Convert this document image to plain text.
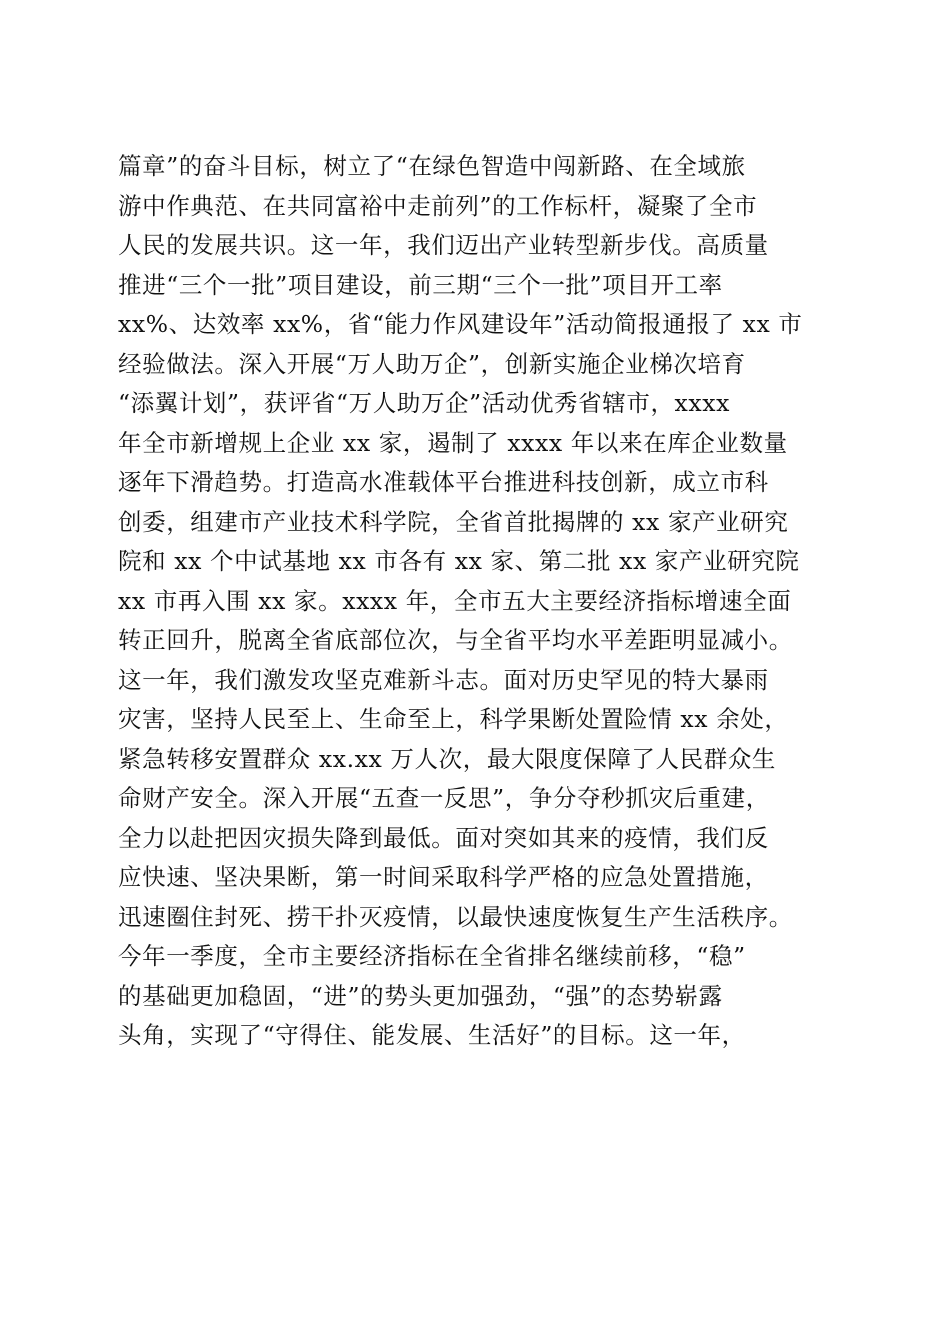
篇章”的奋斗目标，树立了“在绿色智造中闯新路、在全域旅
游中作典范、在共同富裕中走前列”的工作标杆，凝聚了全市
人民的发展共识。这一年，我们迈出产业转型新步伐。高质量
推进“三个一批”项目建设，前三期“三个一批”项目开工率
xx%、达效率 xx%，省“能力作风建设年”活动简报通报了 xx 市
经验做法。深入开展“万人助万企”，创新实施企业梯次培育
“添翼计划”，获评省“万人助万企”活动优秀省辖市，xxxx
年全市新增规上企业 xx 家，遏制了 xxxx 年以来在库企业数量
逐年下滑趋势。打造高水准载体平台推进科技创新，成立市科
创委，组建市产业技术科学院，全省首批揭牌的 xx 家产业研究
院和 xx 个中试基地 xx 市各有 xx 家、第二批 xx 家产业研究院
xx 市再入围 xx 家。xxxx 年，全市五大主要经济指标增速全面
转正回升，脱离全省底部位次，与全省平均水平差距明显减小。
这一年，我们激发攻坚克难新斗志。面对历史罕见的特大暴雨
灾害，坚持人民至上、生命至上，科学果断处置险情 xx 余处，
紧急转移安置群众 xx.xx 万人次，最大限度保障了人民群众生
命财产安全。深入开展“五查一反思”，争分夺秒抓灾后重建，
全力以赴把因灾损失降到最低。面对突如其来的疫情，我们反
应快速、坚决果断，第一时间采取科学严格的应急处置措施，
迅速圈住封死、捞干扑灭疫情，以最快速度恢复生产生活秩序。
今年一季度，全市主要经济指标在全省排名继续前移，“稳”
的基础更加稳固，“进”的势头更加强劲，“强”的态势崭露
头角，实现了“守得住、能发展、生活好”的目标。这一年，
